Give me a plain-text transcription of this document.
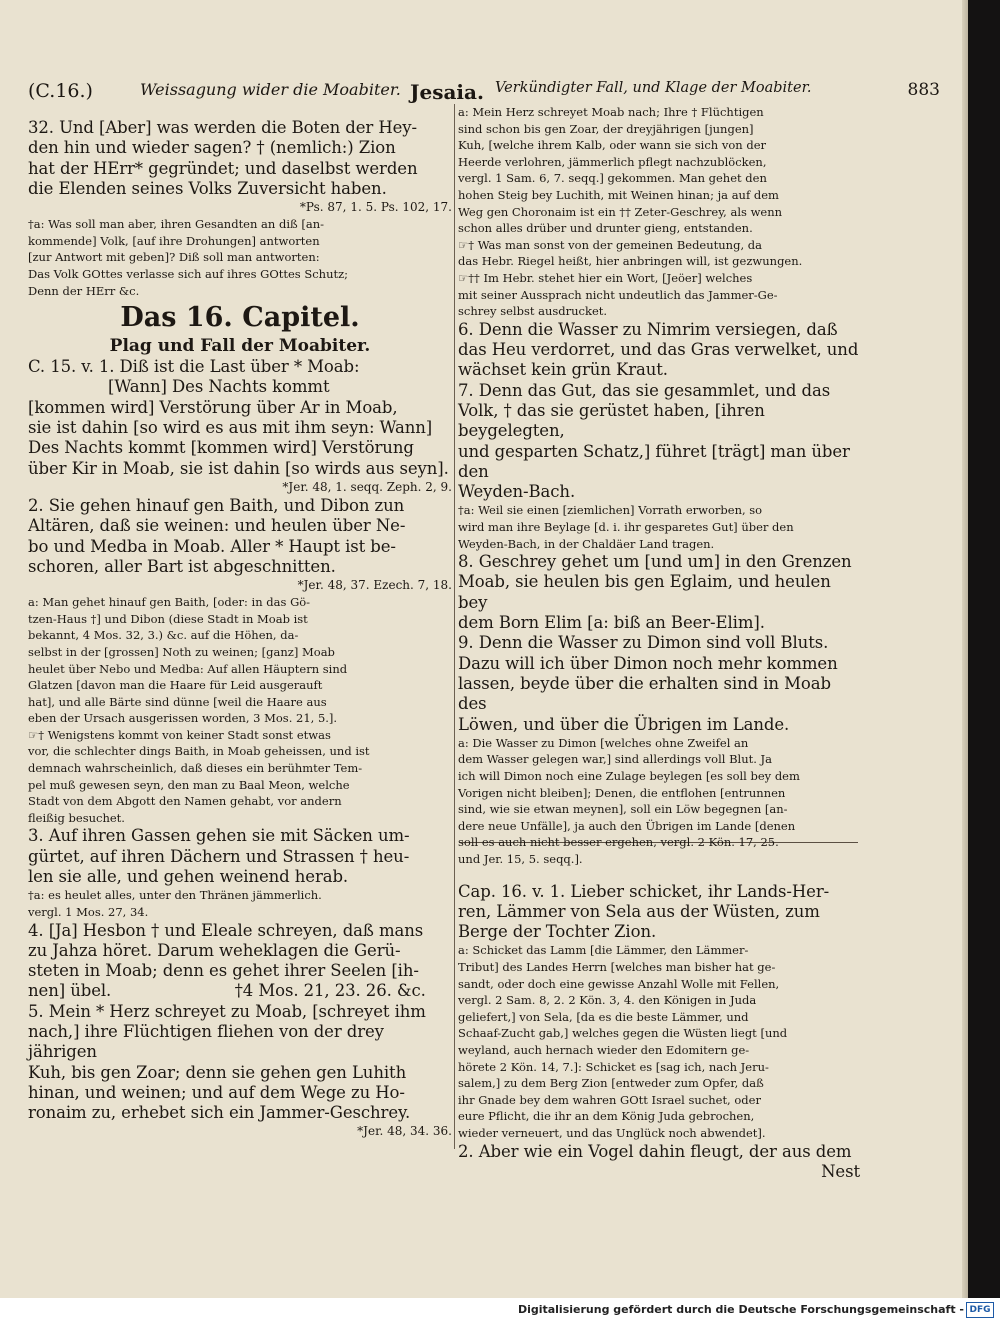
(C.16.)	Weissagung wider die Moabiter. Jesaia. Verkündigter Fall, und Klage der Moabiter.	883

32. Und [Aber] was werden die Boten der Hey-

den hin und wieder sagen? † (nemlich:) Zion

hat der HErr* gegründet; und daselbst werden

die Elenden seines Volks Zuversicht haben.

*Ps. 87, 1. 5. Ps. 102, 17.

†a: Was soll man aber, ihren Gesandten an diß [an-

kommende] Volk, [auf ihre Drohungen] antworten

[zur Antwort mit geben]? Diß soll man antworten:

Das Volk GOttes verlasse sich auf ihres GOttes Schutz;

Denn der HErr &c.

Das 16. Capitel.
Plag und Fall der Moabiter.

C. 15. v. 1. Diß ist die Last über * Moab:

[Wann] Des Nachts kommt

[kommen wird] Verstörung über Ar in Moab,

sie ist dahin [so wird es aus mit ihm seyn: Wann]

Des Nachts kommt [kommen wird] Verstörung

über Kir in Moab, sie ist dahin [so wirds aus seyn].

*Jer. 48, 1. seqq. Zeph. 2, 9.

2. Sie gehen hinauf gen Baith, und Dibon zun

Altären, daß sie weinen: und heulen über Ne-

bo und Medba in Moab. Aller * Haupt ist be-

schoren, aller Bart ist abgeschnitten.

*Jer. 48, 37. Ezech. 7, 18.

a: Man gehet hinauf gen Baith, [oder: in das Gö-

tzen-Haus †] und Dibon (diese Stadt in Moab ist

bekannt, 4 Mos. 32, 3.) &c. auf die Höhen, da-

selbst in der [grossen] Noth zu weinen; [ganz] Moab

heulet über Nebo und Medba: Auf allen Häuptern sind

Glatzen [davon man die Haare für Leid ausgerauft

hat], und alle Bärte sind dünne [weil die Haare aus

eben der Ursach ausgerissen worden, 3 Mos. 21, 5.].

☞† Wenigstens kommt von keiner Stadt sonst etwas

vor, die schlechter dings Baith, in Moab geheissen, und ist

demnach wahrscheinlich, daß dieses ein berühmter Tem-

pel muß gewesen seyn, den man zu Baal Meon, welche

Stadt von dem Abgott den Namen gehabt, vor andern

fleißig besuchet.

3. Auf ihren Gassen gehen sie mit Säcken um-

gürtet, auf ihren Dächern und Strassen † heu-

len sie alle, und gehen weinend herab.

†a: es heulet alles, unter den Thränen jämmerlich.

vergl. 1 Mos. 27, 34.

4. [Ja] Hesbon † und Eleale schreyen, daß mans

zu Jahza höret. Darum weheklagen die Gerü-

steten in Moab; denn es gehet ihrer Seelen [ih-

nen] übel.                        †4 Mos. 21, 23. 26. &c.

5. Mein * Herz schreyet zu Moab, [schreyet ihm

nach,] ihre Flüchtigen fliehen von der drey jährigen

Kuh, bis gen Zoar; denn sie gehen gen Luhith

hinan, und weinen; und auf dem Wege zu Ho-

ronaim zu, erhebet sich ein Jammer-Geschrey.

*Jer. 48, 34. 36.

a: Mein Herz schreyet Moab nach; Ihre † Flüchtigen

sind schon bis gen Zoar, der dreyjährigen [jungen]

Kuh, [welche ihrem Kalb, oder wann sie sich von der

Heerde verlohren, jämmerlich pflegt nachzublöcken,

vergl. 1 Sam. 6, 7. seqq.] gekommen. Man gehet den

hohen Steig bey Luchith, mit Weinen hinan; ja auf dem

Weg gen Choronaim ist ein †† Zeter-Geschrey, als wenn

schon alles drüber und drunter gieng, entstanden.

☞† Was man sonst von der gemeinen Bedeutung, da

das Hebr. Riegel heißt, hier anbringen will, ist gezwungen.

☞†† Im Hebr. stehet hier ein Wort, [Jeöer] welches

mit seiner Aussprach nicht undeutlich das Jammer-Ge-

schrey selbst ausdrucket.

6. Denn die Wasser zu Nimrim versiegen, daß

das Heu verdorret, und das Gras verwelket, und

wächset kein grün Kraut.

7. Denn das Gut, das sie gesammlet, und das

Volk, † das sie gerüstet haben, [ihren beygelegten,

und gesparten Schatz,] führet [trägt] man über den

Weyden-Bach.

†a: Weil sie einen [ziemlichen] Vorrath erworben, so

wird man ihre Beylage [d. i. ihr gesparetes Gut] über den

Weyden-Bach, in der Chaldäer Land tragen.

8. Geschrey gehet um [und um] in den Grenzen

Moab, sie heulen bis gen Eglaim, und heulen bey

dem Born Elim [a: biß an Beer-Elim].

9. Denn die Wasser zu Dimon sind voll Bluts.

Dazu will ich über Dimon noch mehr kommen

lassen, beyde über die erhalten sind in Moab des

Löwen, und über die Übrigen im Lande.

a: Die Wasser zu Dimon [welches ohne Zweifel an

dem Wasser gelegen war,] sind allerdings voll Blut. Ja

ich will Dimon noch eine Zulage beylegen [es soll bey dem

Vorigen nicht bleiben]; Denen, die entflohen [entrunnen

sind, wie sie etwan meynen], soll ein Löw begegnen [an-

dere neue Unfälle], ja auch den Übrigen im Lande [denen

soll es auch nicht besser ergehen, vergl. 2 Kön. 17, 25.

und Jer. 15, 5. seqq.].

Cap. 16. v. 1. Lieber schicket, ihr Lands-Her-

ren, Lämmer von Sela aus der Wüsten, zum

Berge der Tochter Zion.

a: Schicket das Lamm [die Lämmer, den Lämmer-

Tribut] des Landes Herrn [welches man bisher hat ge-

sandt, oder doch eine gewisse Anzahl Wolle mit Fellen,

vergl. 2 Sam. 8, 2. 2 Kön. 3, 4. den Königen in Juda

geliefert,] von Sela, [da es die beste Lämmer, und

Schaaf-Zucht gab,] welches gegen die Wüsten liegt [und

weyland, auch hernach wieder den Edomitern ge-

hörete 2 Kön. 14, 7.]: Schicket es [sag ich, nach Jeru-

salem,] zu dem Berg Zion [entweder zum Opfer, daß

ihr Gnade bey dem wahren GOtt Israel suchet, oder

eure Pflicht, die ihr an dem König Juda gebrochen,

wieder verneuert, und das Unglück noch abwendet].

2. Aber wie ein Vogel dahin fleugt, der aus dem

Nest
Digitalisierung gefördert durch die Deutsche Forschungsgemeinschaft - DFG
